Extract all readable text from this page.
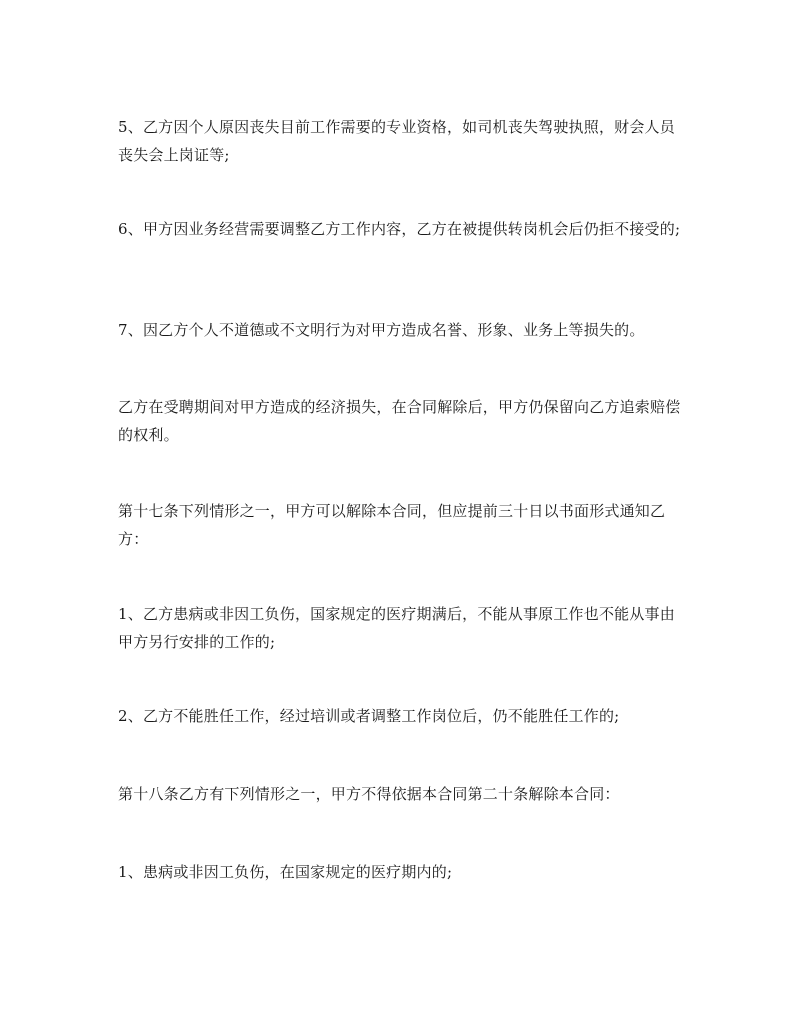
5、乙方因个人原因丧失目前工作需要的专业资格，如司机丧失驾驶执照，财会人员丧失会上岗证等;

6、甲方因业务经营需要调整乙方工作内容，乙方在被提供转岗机会后仍拒不接受的;

7、因乙方个人不道德或不文明行为对甲方造成名誉、形象、业务上等损失的。

乙方在受聘期间对甲方造成的经济损失，在合同解除后，甲方仍保留向乙方追索赔偿的权利。

第十七条下列情形之一，甲方可以解除本合同，但应提前三十日以书面形式通知乙方：

1、乙方患病或非因工负伤，国家规定的医疗期满后，不能从事原工作也不能从事由甲方另行安排的工作的;

2、乙方不能胜任工作，经过培训或者调整工作岗位后，仍不能胜任工作的;

第十八条乙方有下列情形之一，甲方不得依据本合同第二十条解除本合同：

1、患病或非因工负伤，在国家规定的医疗期内的;
